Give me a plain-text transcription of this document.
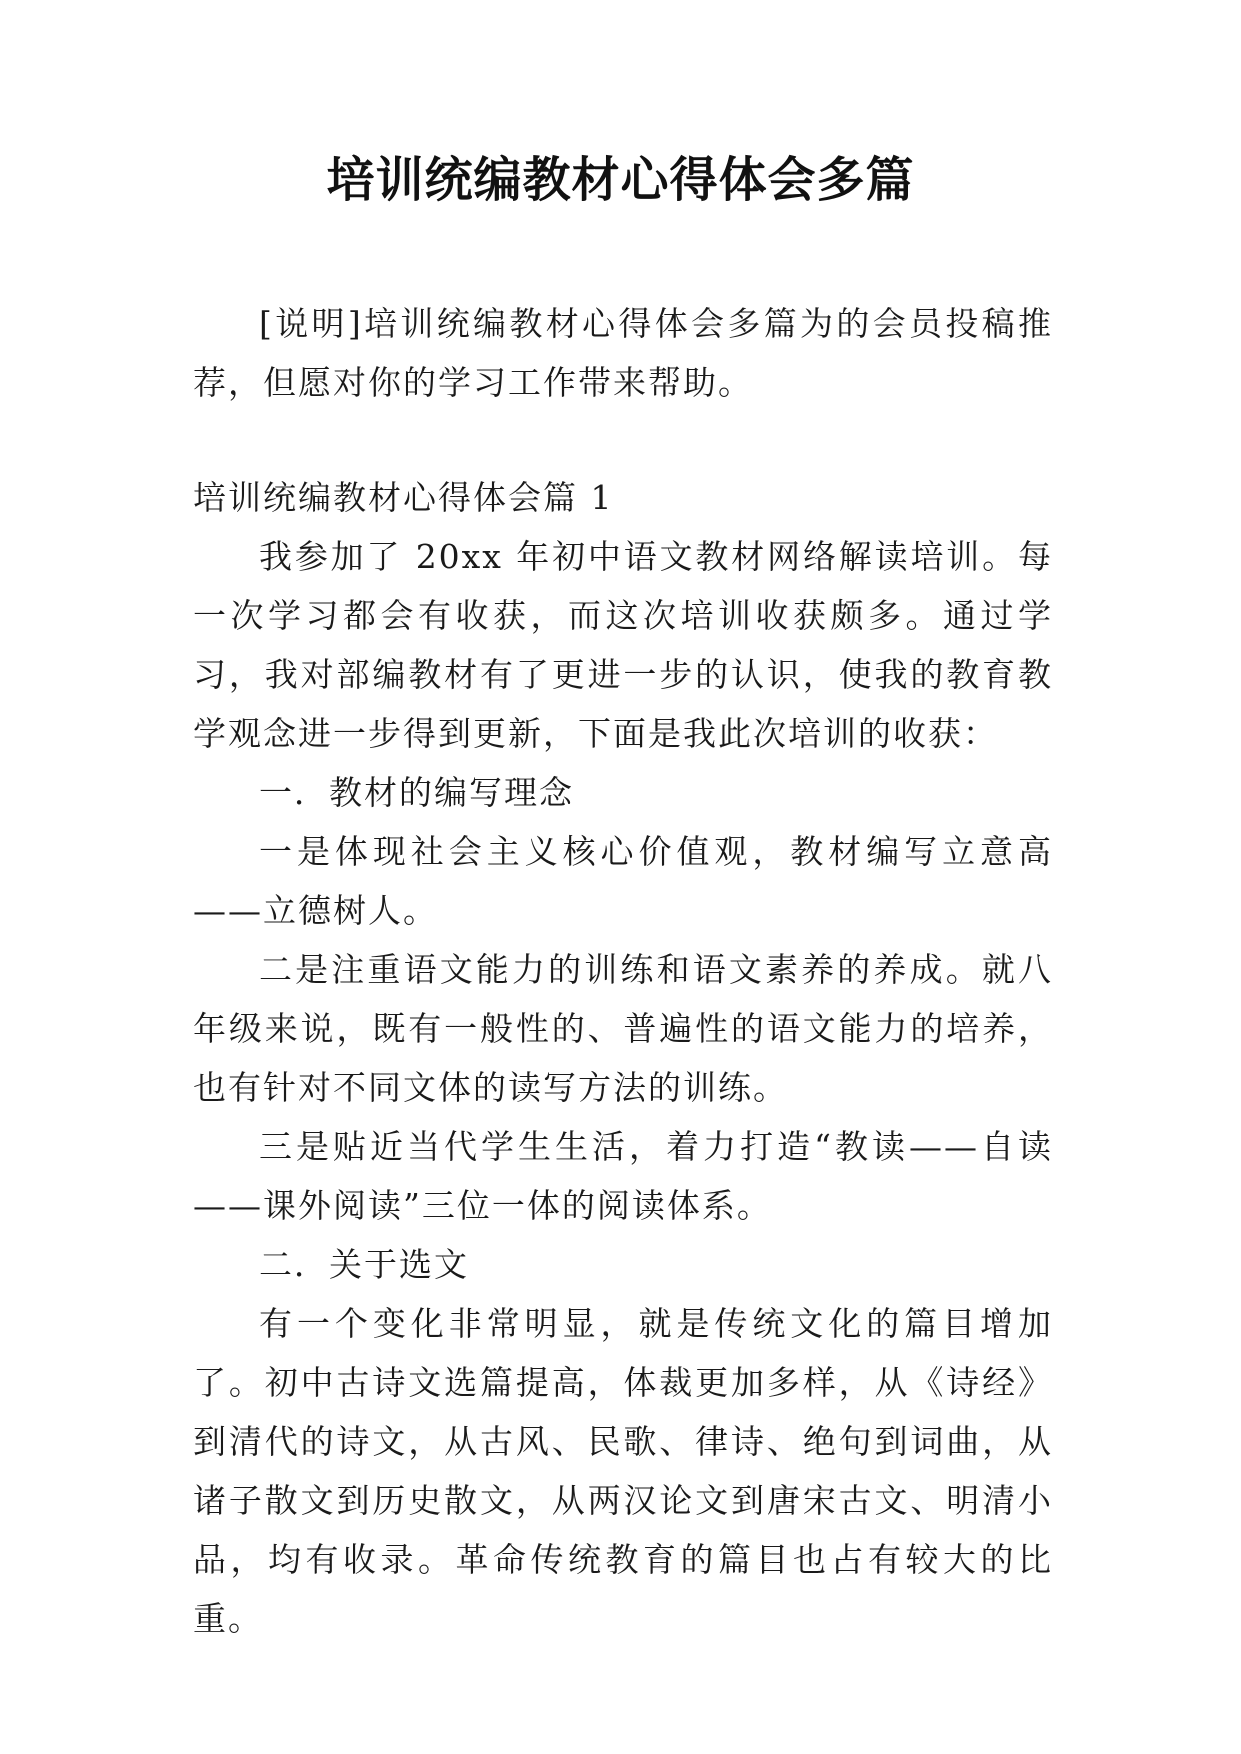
培训统编教材心得体会多篇

[说明]培训统编教材心得体会多篇为的会员投稿推荐，但愿对你的学习工作带来帮助。

培训统编教材心得体会篇 1

我参加了 20xx 年初中语文教材网络解读培训。每一次学习都会有收获，而这次培训收获颇多。通过学习，我对部编教材有了更进一步的认识，使我的教育教学观念进一步得到更新，下面是我此次培训的收获：

一．教材的编写理念

一是体现社会主义核心价值观，教材编写立意高——立德树人。

二是注重语文能力的训练和语文素养的养成。就八年级来说，既有一般性的、普遍性的语文能力的培养，也有针对不同文体的读写方法的训练。

三是贴近当代学生生活，着力打造“教读——自读——课外阅读”三位一体的阅读体系。

二．关于选文

有一个变化非常明显，就是传统文化的篇目增加了。初中古诗文选篇提高，体裁更加多样，从《诗经》到清代的诗文，从古风、民歌、律诗、绝句到词曲，从诸子散文到历史散文，从两汉论文到唐宋古文、明清小品，均有收录。革命传统教育的篇目也占有较大的比重。
